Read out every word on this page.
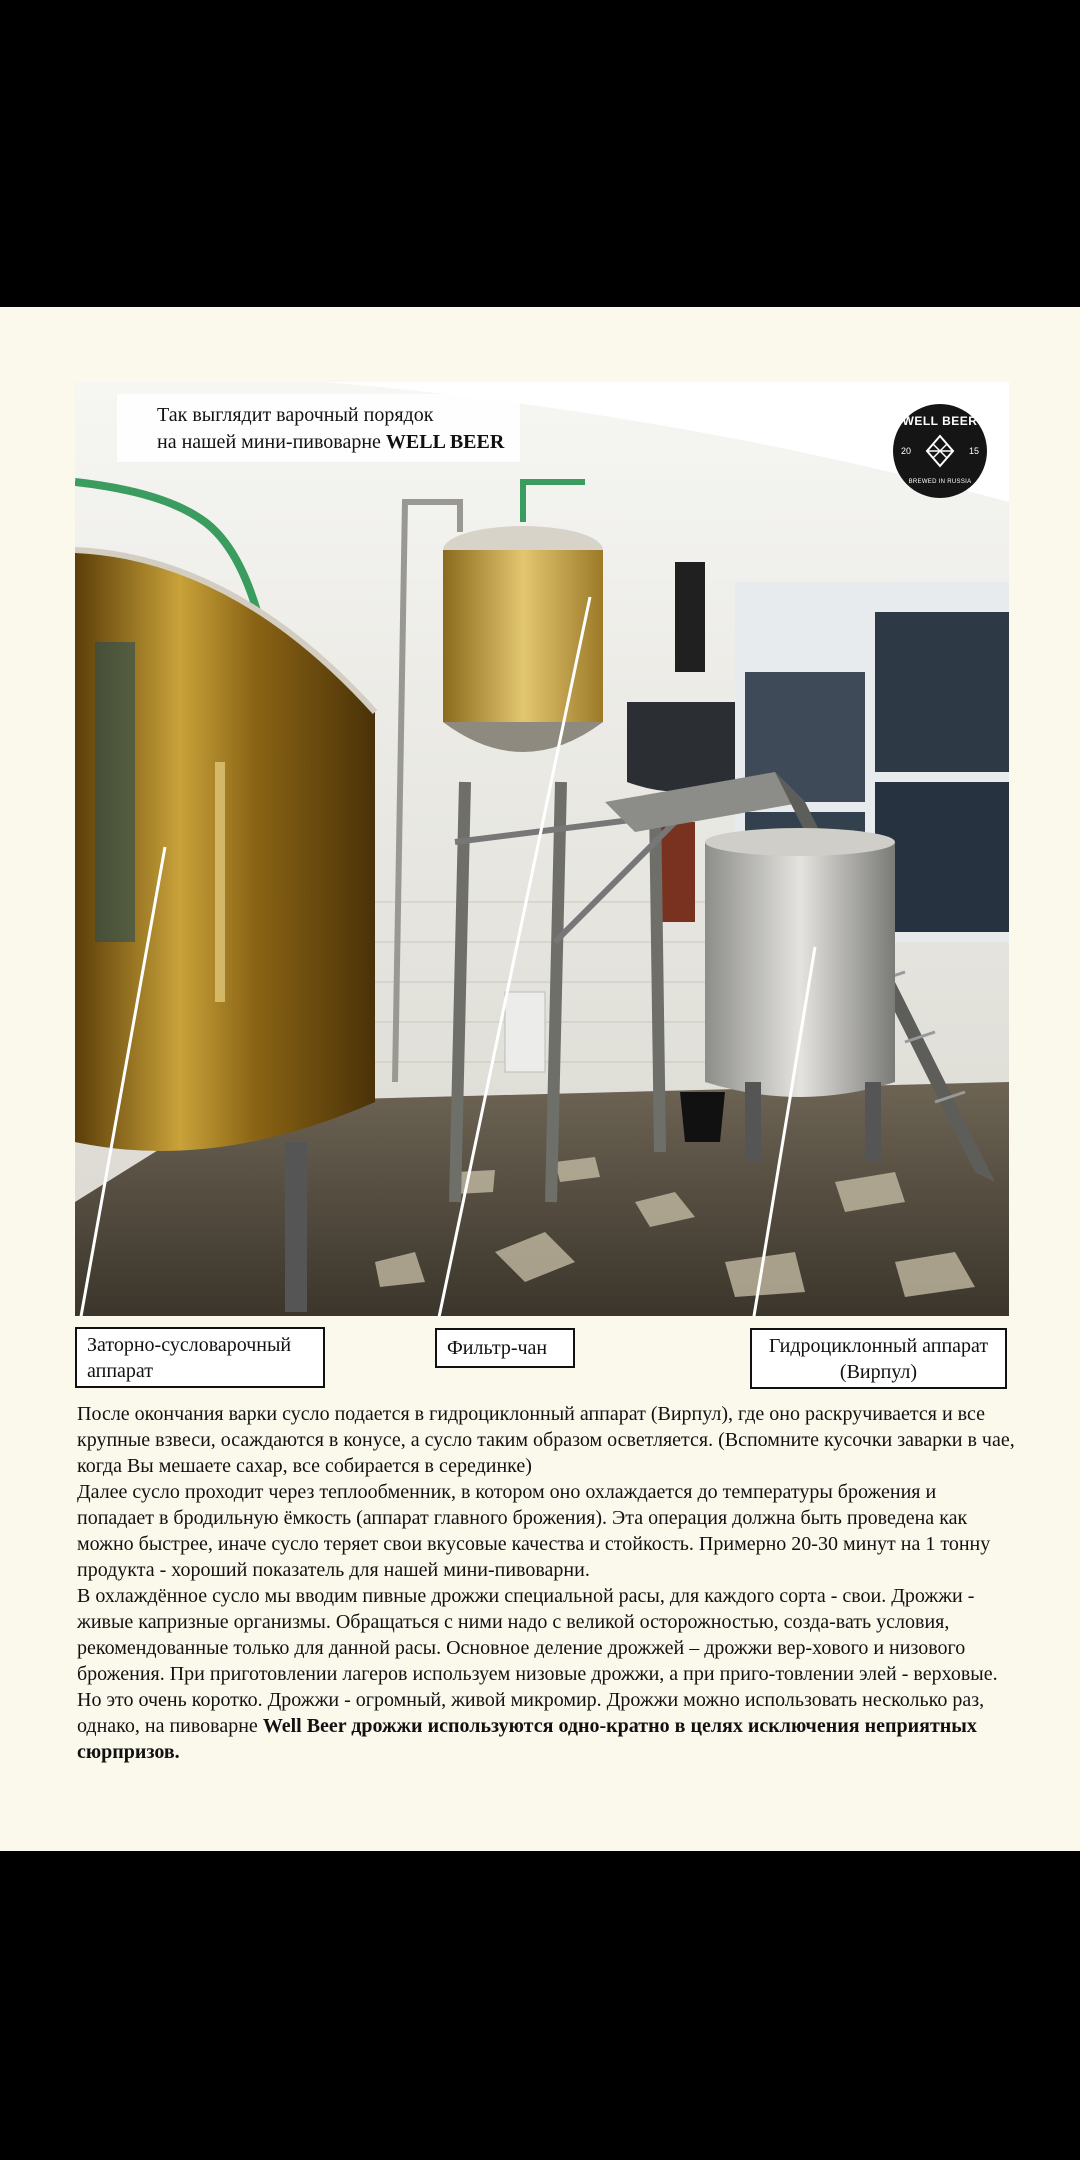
Так выглядит варочный порядок
на нашей мини-пивоварне WELL BEER
WELL BEER
20	15
BREWED IN RUSSIA
Заторно-сусловарочный аппарат
Фильтр-чан	Гидроциклонный аппарат
(Вирпул)

После окончания варки сусло подается в гидроциклонный аппарат (Вирпул), где оно раскручивается и все крупные взвеси, осаждаются в конусе, а сусло таким образом осветляется. (Вспомните кусочки заварки в чае, когда Вы мешаете сахар, все собирается в серединке)

Далее сусло проходит через теплообменник, в котором оно охлаждается до температуры брожения и попадает в бродильную ёмкость (аппарат главного брожения). Эта операция должна быть проведена как можно быстрее, иначе сусло теряет свои вкусовые качества и стойкость. Примерно 20-30 минут на 1 тонну продукта - хороший показатель для нашей мини-пивоварни.

В охлаждённое сусло мы вводим пивные дрожжи специальной расы, для каждого сорта - свои. Дрожжи - живые капризные организмы. Обращаться с ними надо с великой осторожностью, созда-вать условия, рекомендованные только для данной расы. Основное деление дрожжей – дрожжи вер-хового и низового брожения. При приготовлении лагеров используем низовые дрожжи, а при приго-товлении элей - верховые. Но это очень коротко. Дрожжи - огромный, живой микромир. Дрожжи можно использовать несколько раз, однако, на пивоварне Well Beer дрожжи используются одно-кратно в целях исключения неприятных сюрпризов.
